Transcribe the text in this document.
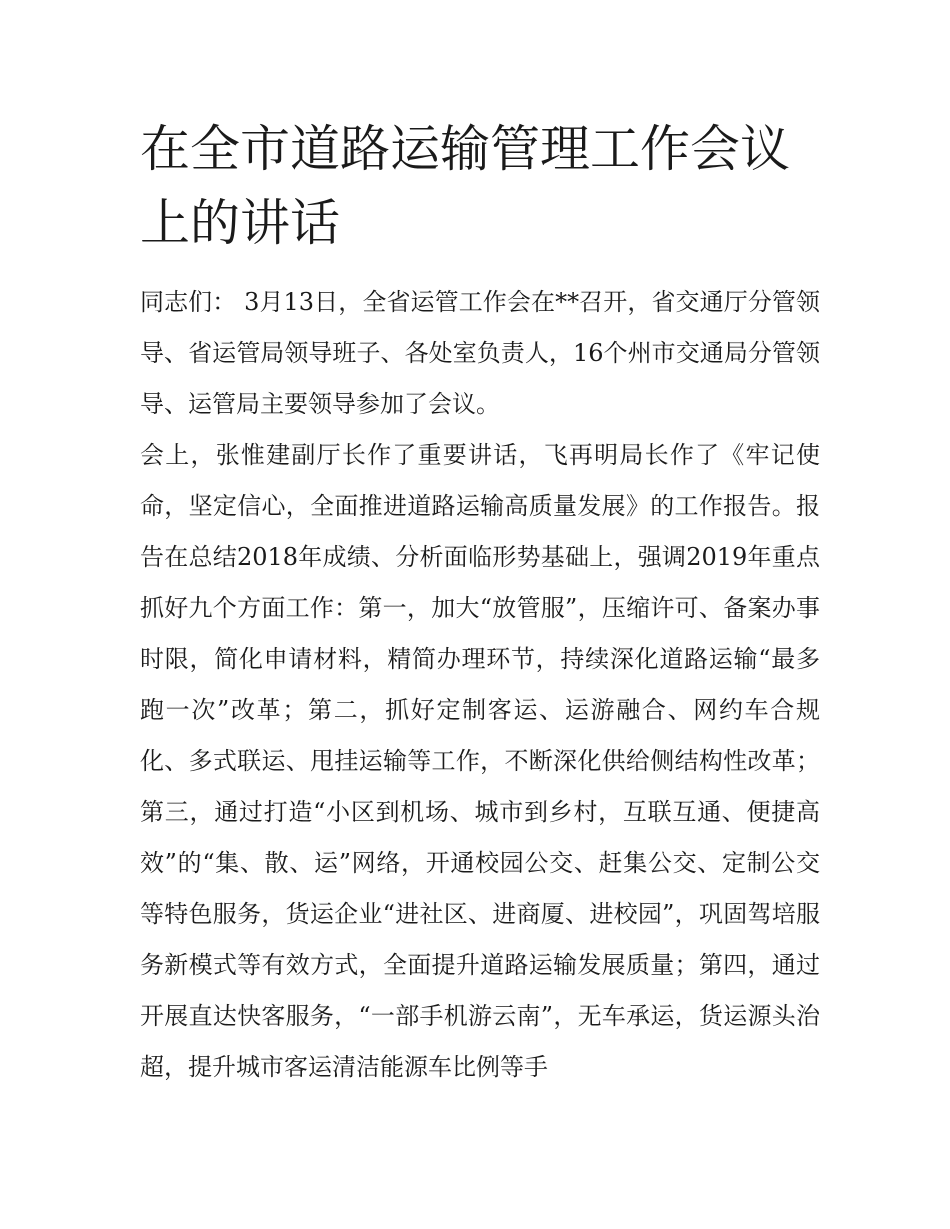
在全市道路运输管理工作会议上的讲话

同志们： 3月13日，全省运管工作会在**召开，省交通厅分管领导、省运管局领导班子、各处室负责人，16个州市交通局分管领导、运管局主要领导参加了会议。

会上，张惟建副厅长作了重要讲话，飞再明局长作了《牢记使命，坚定信心，全面推进道路运输高质量发展》的工作报告。报告在总结2018年成绩、分析面临形势基础上，强调2019年重点抓好九个方面工作：第一，加大“放管服”，压缩许可、备案办事时限，简化申请材料，精简办理环节，持续深化道路运输“最多跑一次”改革；第二，抓好定制客运、运游融合、网约车合规化、多式联运、甩挂运输等工作，不断深化供给侧结构性改革；第三，通过打造“小区到机场、城市到乡村，互联互通、便捷高效”的“集、散、运”网络，开通校园公交、赶集公交、定制公交等特色服务，货运企业“进社区、进商厦、进校园”，巩固驾培服务新模式等有效方式，全面提升道路运输发展质量；第四，通过开展直达快客服务，“一部手机游云南”，无车承运，货运源头治超，提升城市客运清洁能源车比例等手
